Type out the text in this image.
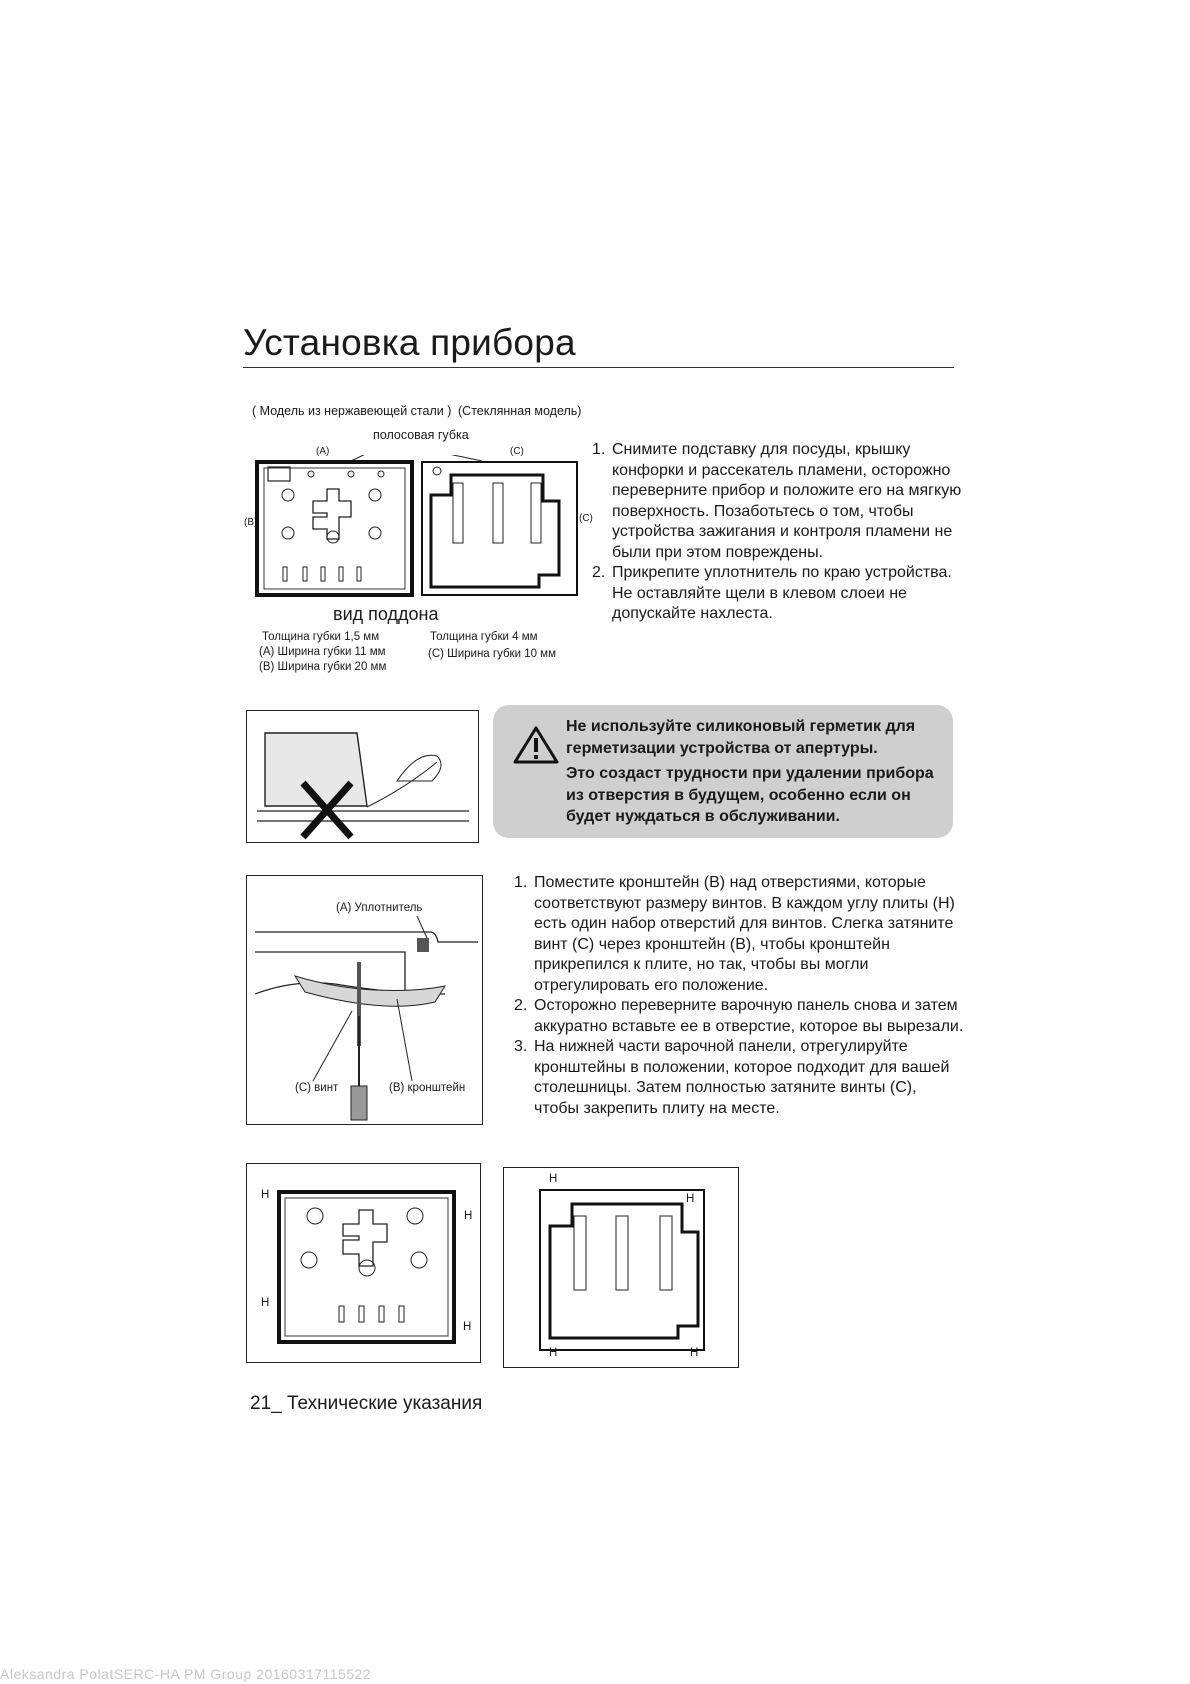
Установка прибора
( Модель из нержавеющей стали ) (Стеклянная модель)
полосовая губка
(A)	(C)
(B)	(C)
вид поддона
Толщина губки 1,5 мм
(A) Ширина губки 11 мм
(B) Ширина губки 20 мм
Толщина губки 4 мм
(C) Ширина губки 10 мм
1. Снимите подставку для посуды, крышку конфорки и рассекатель пламени, осторожно переверните прибор и положите его на мягкую поверхность. Позаботьтесь о том, чтобы устройства зажигания и контроля пламени не были при этом повреждены.
2. Прикрепите уплотнитель по краю устройства. Не оставляйте щели в клевом слоеи не допускайте нахлеста.
Не используйте силиконовый герметик для герметизации устройства от апертуры.
Это создаст трудности при удалении прибора из отверстия в будущем, особенно если он будет нуждаться в обслуживании.
(A) Уплотнитель
(C) винт	(B) кронштейн
1. Поместите кронштейн (B) над отверстиями, которые соответствуют размеру винтов. В каждом углу плиты (H) есть один набор отверстий для винтов. Слегка затяните винт (C) через кронштейн (B), чтобы кронштейн прикрепился к плите, но так, чтобы вы могли отрегулировать его положение.
2. Осторожно переверните варочную панель снова и затем аккуратно вставьте ее в отверстие, которое вы вырезали.
3. На нижней части варочной панели, отрегулируйте кронштейны в положении, которое подходит для вашей столешницы. Затем полностью затяните винты (C), чтобы закрепить плиту на месте.
H
H
H
H
H
H
H	H
21_ Технические указания
Aleksandra PolatSERC-HA PM Group 20160317115522
